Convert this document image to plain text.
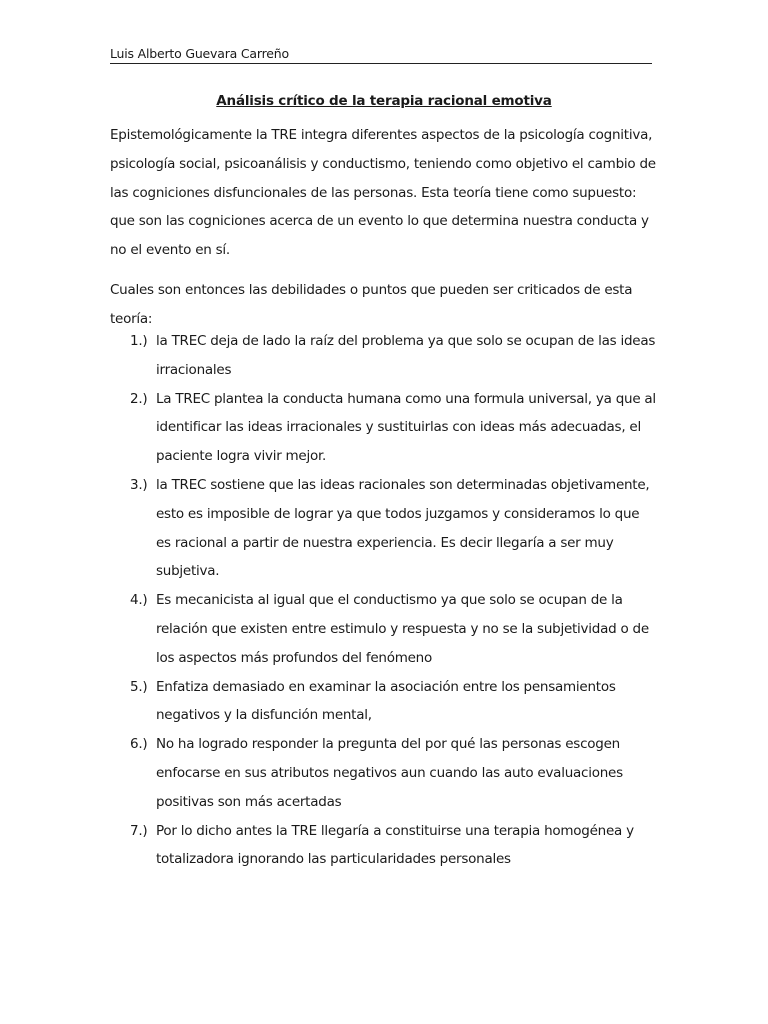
Luis Alberto Guevara Carreño
Análisis crítico de la terapia racional emotiva

Epistemológicamente la TRE integra diferentes aspectos de la psicología cognitiva, psicología social, psicoanálisis y conductismo, teniendo como objetivo el cambio de las cogniciones disfuncionales de las personas. Esta teoría tiene como supuesto: que son las cogniciones acerca de un evento lo que determina nuestra conducta y no el evento en sí.

Cuales son entonces las debilidades o puntos que pueden ser criticados de esta teoría:

1.) la TREC deja de lado la raíz del problema ya que solo se ocupan de las ideas irracionales
2.) La TREC plantea la conducta humana como una formula universal, ya que al identificar las ideas irracionales y sustituirlas con ideas más adecuadas, el paciente logra vivir mejor.
3.) la TREC sostiene que las ideas racionales son determinadas objetivamente, esto es imposible de lograr ya que todos juzgamos y consideramos lo que es racional a partir de nuestra experiencia. Es decir llegaría a ser muy subjetiva.
4.) Es mecanicista al igual que el conductismo ya que solo se ocupan de la relación que existen entre estimulo y respuesta y no se la subjetividad o de los aspectos más profundos del fenómeno
5.) Enfatiza demasiado en examinar la asociación entre los pensamientos negativos y la disfunción mental,
6.) No ha logrado responder la pregunta del por qué las personas escogen enfocarse en sus atributos negativos aun cuando las auto evaluaciones positivas son más acertadas
7.) Por lo dicho antes la TRE llegaría a constituirse una terapia homogénea y totalizadora ignorando las particularidades personales
